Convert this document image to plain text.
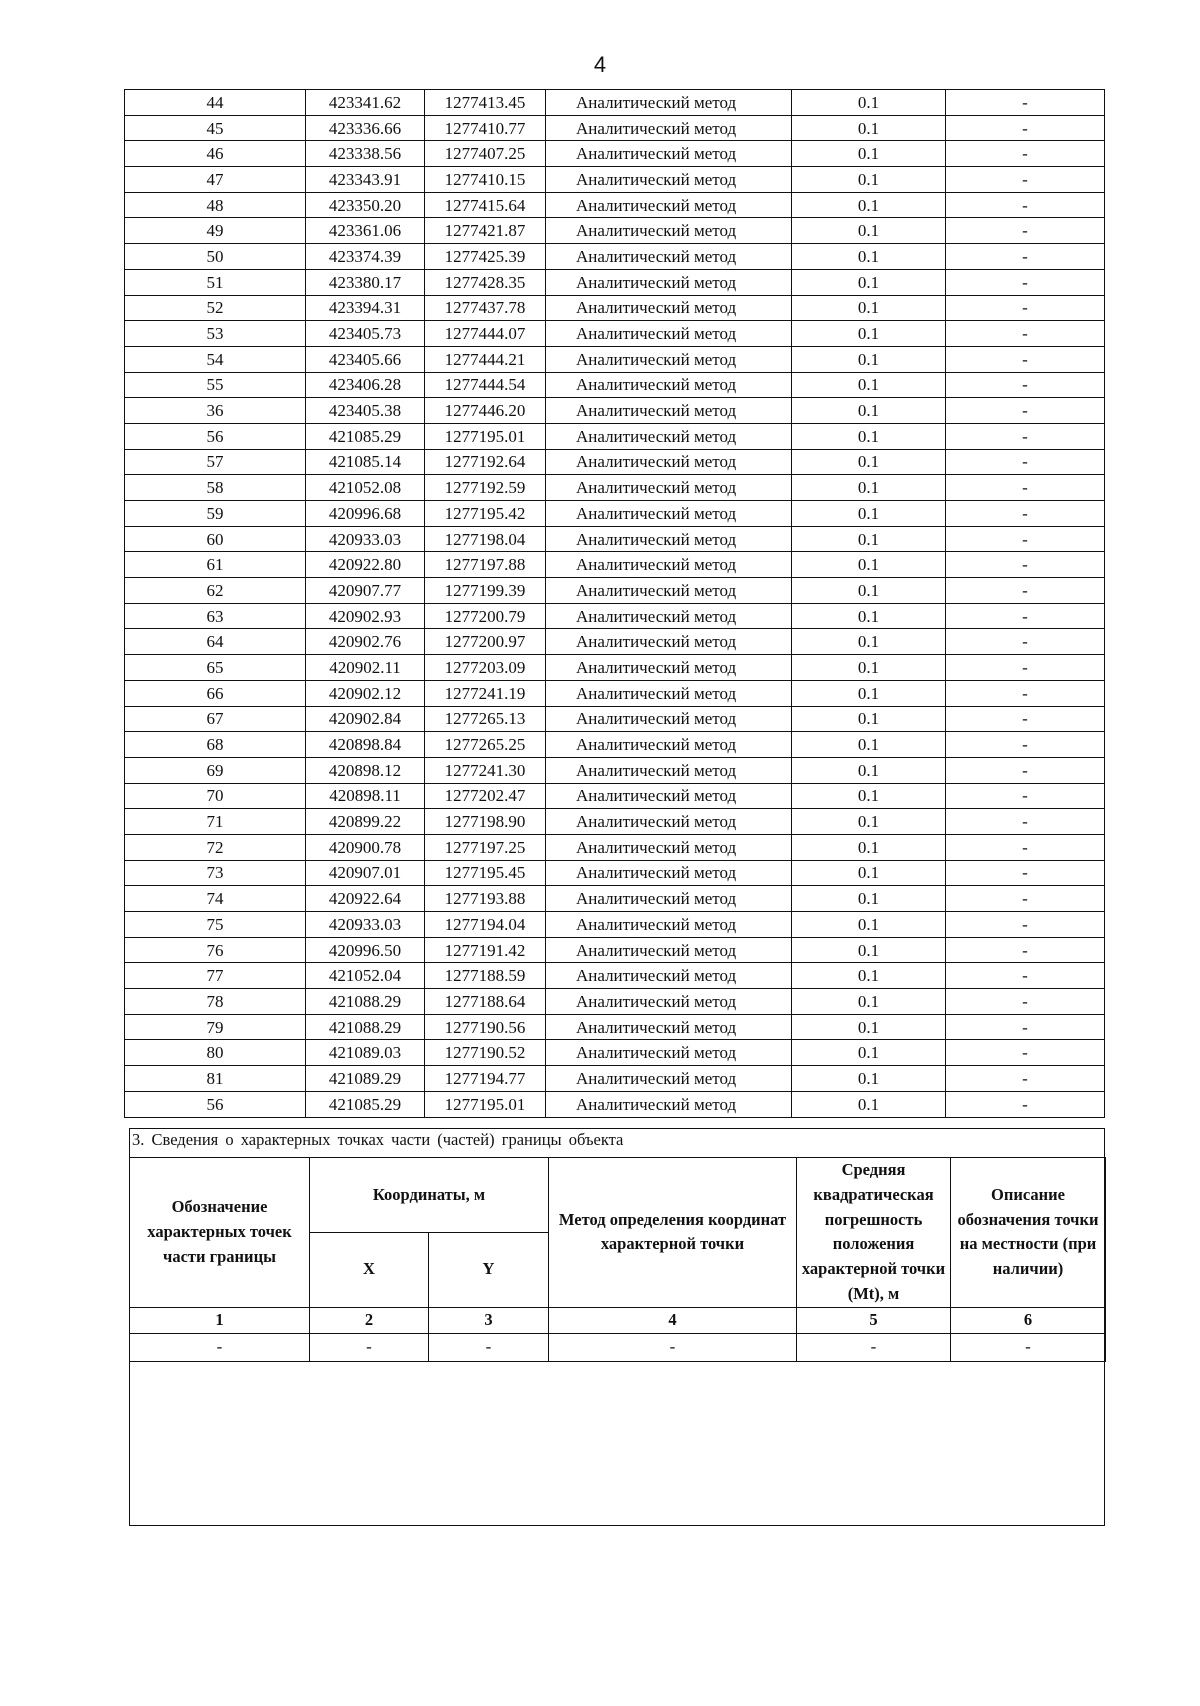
4
44	423341.62	1277413.45	Аналитический метод	0.1	-
45	423336.66	1277410.77	Аналитический метод	0.1	-
46	423338.56	1277407.25	Аналитический метод	0.1	-
47	423343.91	1277410.15	Аналитический метод	0.1	-
48	423350.20	1277415.64	Аналитический метод	0.1	-
49	423361.06	1277421.87	Аналитический метод	0.1	-
50	423374.39	1277425.39	Аналитический метод	0.1	-
51	423380.17	1277428.35	Аналитический метод	0.1	-
52	423394.31	1277437.78	Аналитический метод	0.1	-
53	423405.73	1277444.07	Аналитический метод	0.1	-
54	423405.66	1277444.21	Аналитический метод	0.1	-
55	423406.28	1277444.54	Аналитический метод	0.1	-
36	423405.38	1277446.20	Аналитический метод	0.1	-
56	421085.29	1277195.01	Аналитический метод	0.1	-
57	421085.14	1277192.64	Аналитический метод	0.1	-
58	421052.08	1277192.59	Аналитический метод	0.1	-
59	420996.68	1277195.42	Аналитический метод	0.1	-
60	420933.03	1277198.04	Аналитический метод	0.1	-
61	420922.80	1277197.88	Аналитический метод	0.1	-
62	420907.77	1277199.39	Аналитический метод	0.1	-
63	420902.93	1277200.79	Аналитический метод	0.1	-
64	420902.76	1277200.97	Аналитический метод	0.1	-
65	420902.11	1277203.09	Аналитический метод	0.1	-
66	420902.12	1277241.19	Аналитический метод	0.1	-
67	420902.84	1277265.13	Аналитический метод	0.1	-
68	420898.84	1277265.25	Аналитический метод	0.1	-
69	420898.12	1277241.30	Аналитический метод	0.1	-
70	420898.11	1277202.47	Аналитический метод	0.1	-
71	420899.22	1277198.90	Аналитический метод	0.1	-
72	420900.78	1277197.25	Аналитический метод	0.1	-
73	420907.01	1277195.45	Аналитический метод	0.1	-
74	420922.64	1277193.88	Аналитический метод	0.1	-
75	420933.03	1277194.04	Аналитический метод	0.1	-
76	420996.50	1277191.42	Аналитический метод	0.1	-
77	421052.04	1277188.59	Аналитический метод	0.1	-
78	421088.29	1277188.64	Аналитический метод	0.1	-
79	421088.29	1277190.56	Аналитический метод	0.1	-
80	421089.03	1277190.52	Аналитический метод	0.1	-
81	421089.29	1277194.77	Аналитический метод	0.1	-
56	421085.29	1277195.01	Аналитический метод	0.1	-
3. Сведения о характерных точках части (частей) границы объекта
Обозначение характерных точек части границы	Координаты, м		Метод определения координат характерной точки	Средняя квадратическая погрешность положения характерной точки (Mt), м	Описание обозначения точки на местности (при наличии)
	X	Y			
1	2	3	4	5	6
-	-	-	-	-	-
